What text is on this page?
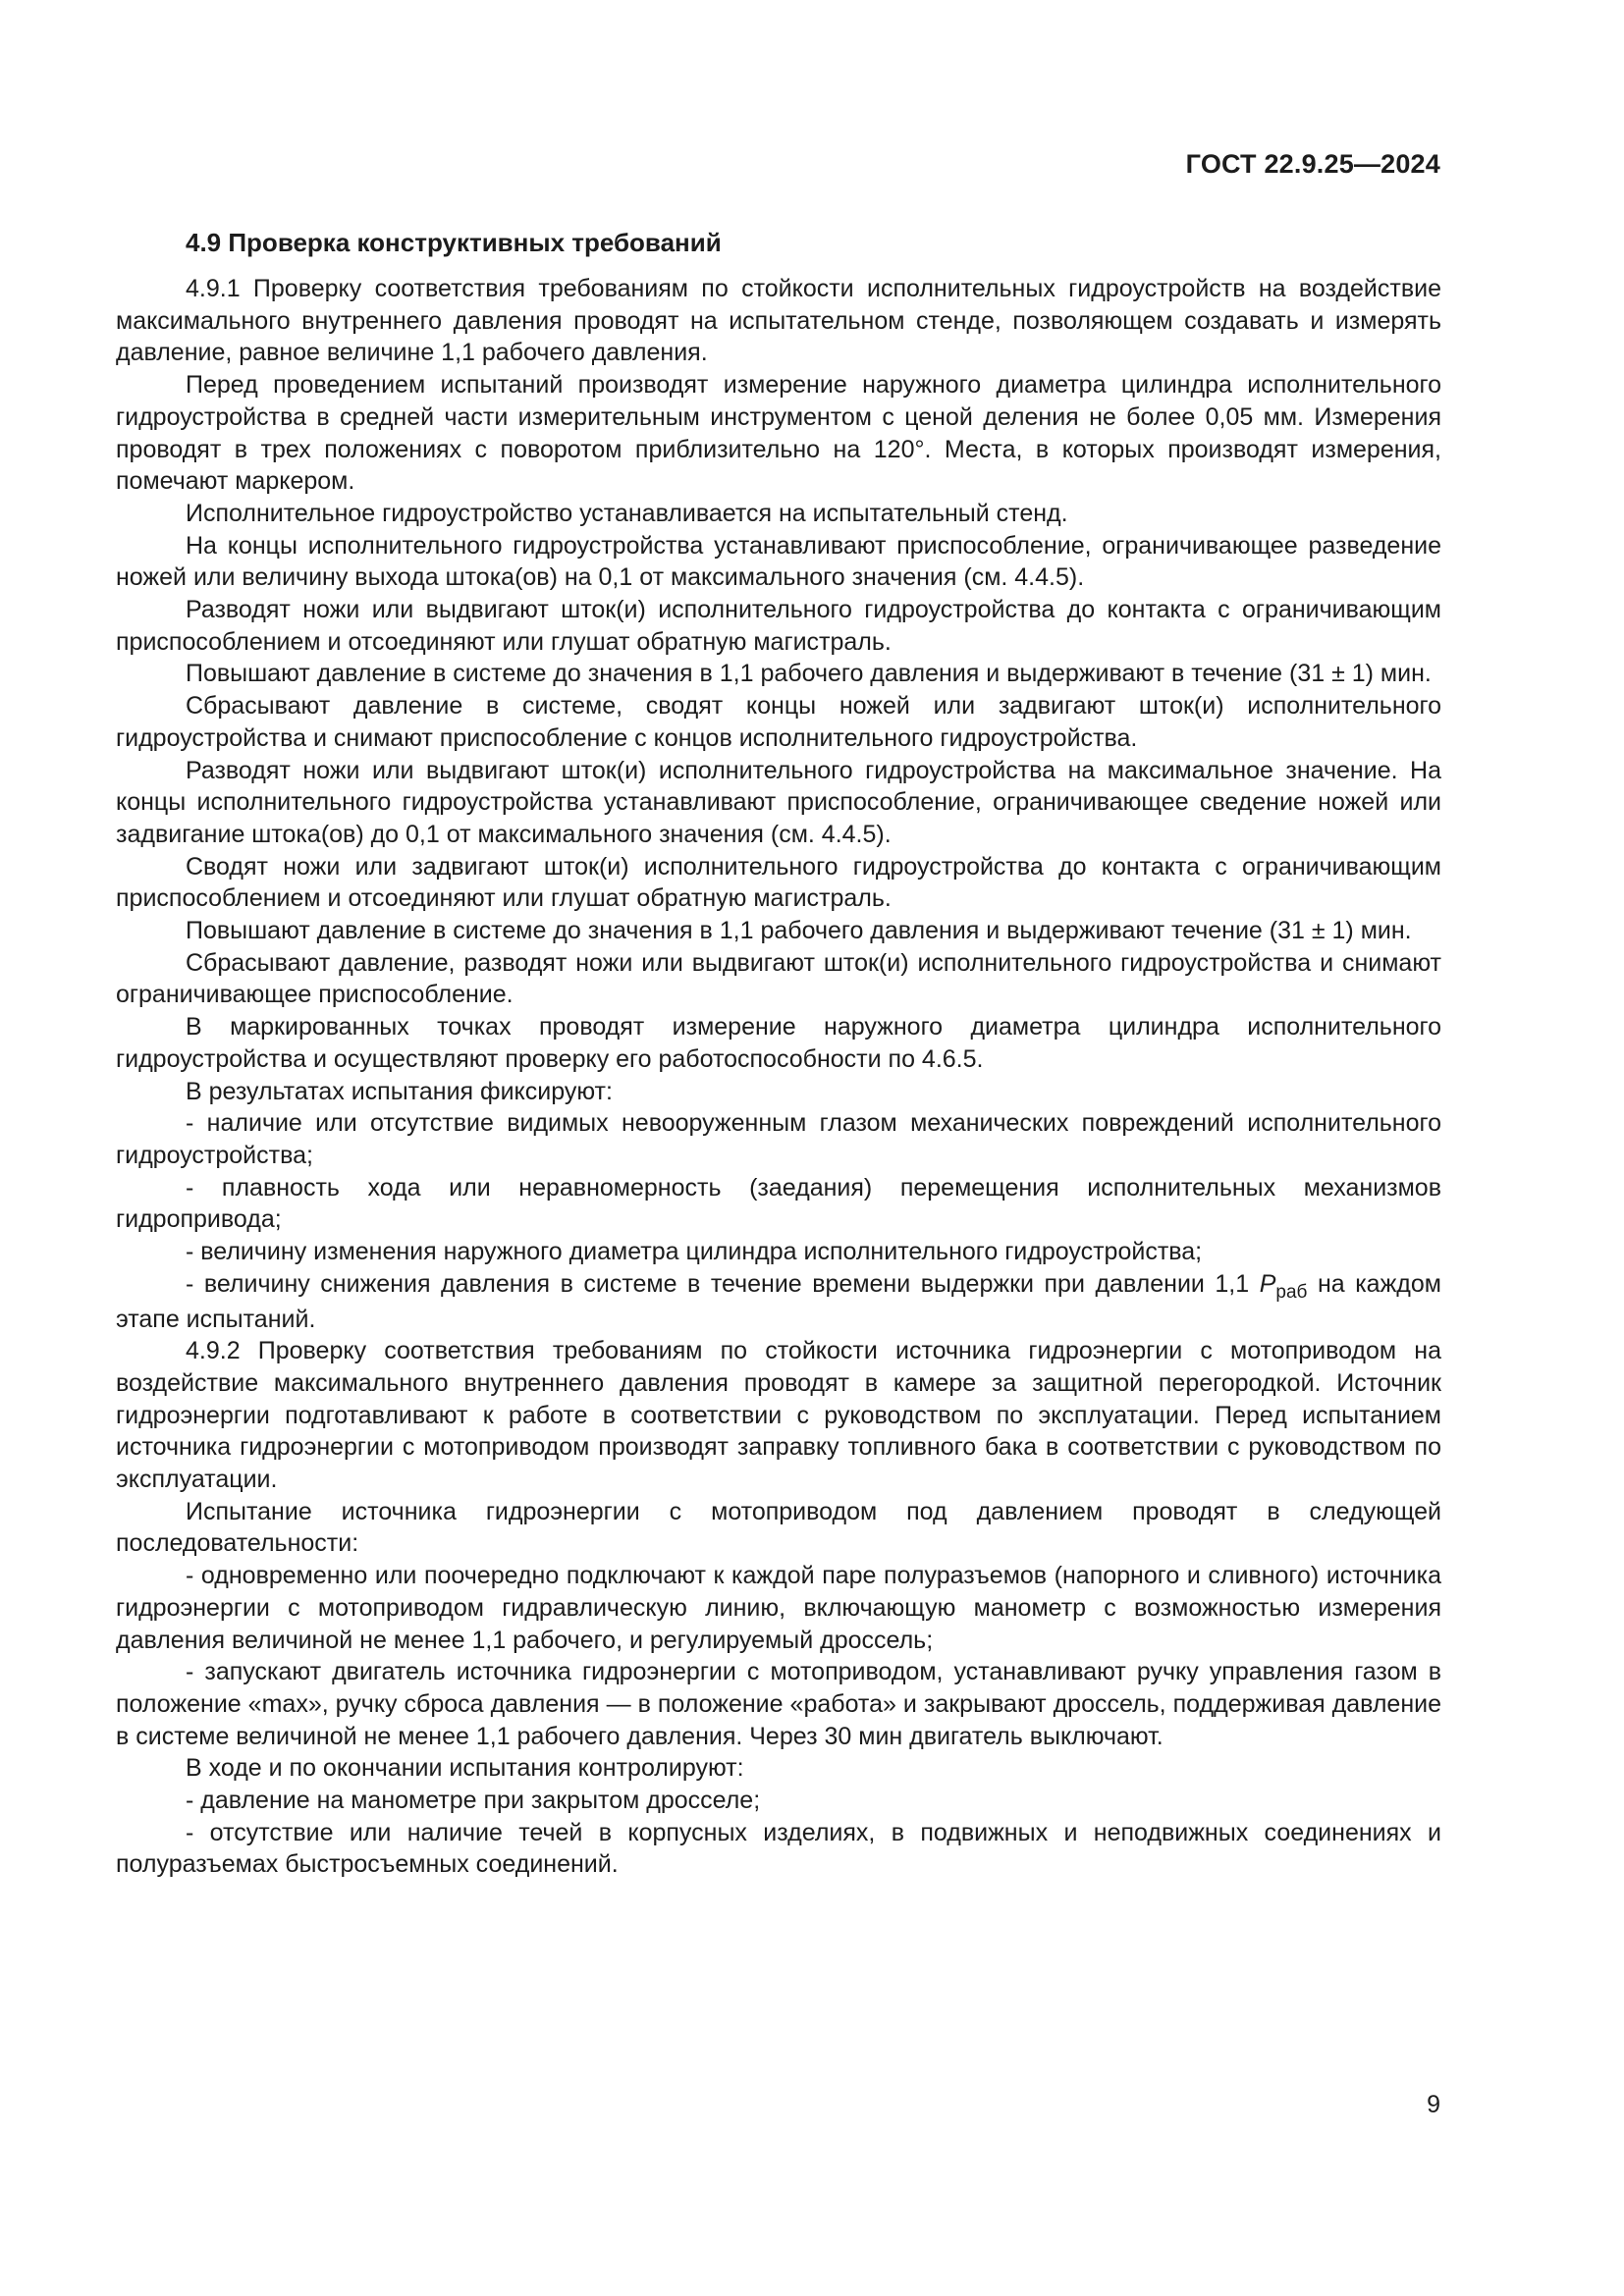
ГОСТ 22.9.25—2024
4.9 Проверка конструктивных требований

4.9.1 Проверку соответствия требованиям по стойкости исполнительных гидроустройств на воздействие максимального внутреннего давления проводят на испытательном стенде, позволяющем создавать и измерять давление, равное величине 1,1 рабочего давления.

Перед проведением испытаний производят измерение наружного диаметра цилиндра исполнительного гидроустройства в средней части измерительным инструментом с ценой деления не более 0,05 мм. Измерения проводят в трех положениях с поворотом приблизительно на 120°. Места, в которых производят измерения, помечают маркером.

Исполнительное гидроустройство устанавливается на испытательный стенд.

На концы исполнительного гидроустройства устанавливают приспособление, ограничивающее разведение ножей или величину выхода штока(ов) на 0,1 от максимального значения (см. 4.4.5).

Разводят ножи или выдвигают шток(и) исполнительного гидроустройства до контакта с ограничивающим приспособлением и отсоединяют или глушат обратную магистраль.

Повышают давление в системе до значения в 1,1 рабочего давления и выдерживают в течение (31 ± 1) мин.

Сбрасывают давление в системе, сводят концы ножей или задвигают шток(и) исполнительного гидроустройства и снимают приспособление с концов исполнительного гидроустройства.

Разводят ножи или выдвигают шток(и) исполнительного гидроустройства на максимальное значение. На концы исполнительного гидроустройства устанавливают приспособление, ограничивающее сведение ножей или задвигание штока(ов) до 0,1 от максимального значения (см. 4.4.5).

Сводят ножи или задвигают шток(и) исполнительного гидроустройства до контакта с ограничивающим приспособлением и отсоединяют или глушат обратную магистраль.

Повышают давление в системе до значения в 1,1 рабочего давления и выдерживают течение (31 ± 1) мин.

Сбрасывают давление, разводят ножи или выдвигают шток(и) исполнительного гидроустройства и снимают ограничивающее приспособление.

В маркированных точках проводят измерение наружного диаметра цилиндра исполнительного гидроустройства и осуществляют проверку его работоспособности по 4.6.5.

В результатах испытания фиксируют:

- наличие или отсутствие видимых невооруженным глазом механических повреждений исполнительного гидроустройства;

- плавность хода или неравномерность (заедания) перемещения исполнительных механизмов гидропривода;

- величину изменения наружного диаметра цилиндра исполнительного гидроустройства;

- величину снижения давления в системе в течение времени выдержки при давлении 1,1 $P_{раб}$ на каждом этапе испытаний.

4.9.2 Проверку соответствия требованиям по стойкости источника гидроэнергии с мотоприводом на воздействие максимального внутреннего давления проводят в камере за защитной перегородкой. Источник гидроэнергии подготавливают к работе в соответствии с руководством по эксплуатации. Перед испытанием источника гидроэнергии с мотоприводом производят заправку топливного бака в соответствии с руководством по эксплуатации.

Испытание источника гидроэнергии с мотоприводом под давлением проводят в следующей последовательности:

- одновременно или поочередно подключают к каждой паре полуразъемов (напорного и сливного) источника гидроэнергии с мотоприводом гидравлическую линию, включающую манометр с возможностью измерения давления величиной не менее 1,1 рабочего, и регулируемый дроссель;

- запускают двигатель источника гидроэнергии с мотоприводом, устанавливают ручку управления газом в положение «max», ручку сброса давления — в положение «работа» и закрывают дроссель, поддерживая давление в системе величиной не менее 1,1 рабочего давления. Через 30 мин двигатель выключают.

В ходе и по окончании испытания контролируют:

- давление на манометре при закрытом дросселе;

- отсутствие или наличие течей в корпусных изделиях, в подвижных и неподвижных соединениях и полуразъемах быстросъемных соединений.

9
